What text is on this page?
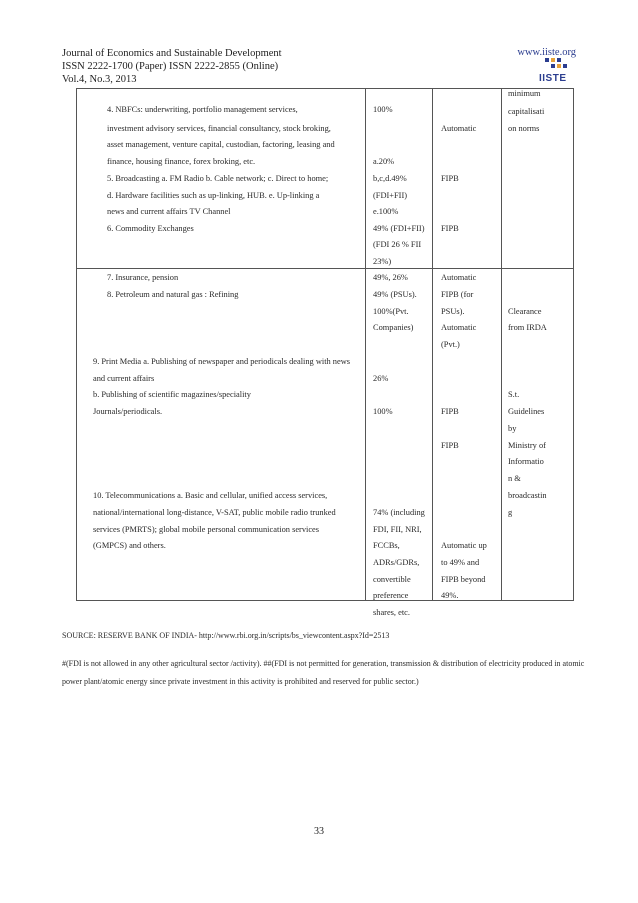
Journal of Economics and Sustainable Development
ISSN 2222-1700 (Paper) ISSN 2222-2855 (Online)
Vol.4, No.3, 2013
www.iiste.org
IISTE
4. NBFCs: underwriting, portfolio management services,
investment advisory services, financial consultancy, stock broking,
asset management, venture capital, custodian, factoring, leasing and
finance, housing finance, forex broking, etc.
5. Broadcasting a. FM Radio b. Cable network; c. Direct to home;
d. Hardware facilities such as up-linking, HUB. e. Up-linking a
news and current affairs TV Channel
6. Commodity Exchanges
7. Insurance, pension
8. Petroleum and natural gas : Refining
9. Print Media a. Publishing of newspaper and periodicals dealing with news
and current affairs
b. Publishing of scientific magazines/speciality
Journals/periodicals.
10. Telecommunications a. Basic and cellular, unified access services,
national/international long-distance, V-SAT, public mobile radio trunked
services (PMRTS); global mobile personal communication services
(GMPCS) and others.
100%
a.20%
b,c,d.49%
(FDI+FII)
e.100%
49% (FDI+FII)
(FDI 26 % FII
23%)
49%, 26%
49% (PSUs).
100%(Pvt.
Companies)
26%
100%
74% (including
FDI, FII, NRI,
FCCBs,
ADRs/GDRs,
convertible
preference
shares, etc.
Automatic
FIPB
FIPB
Automatic
FIPB (for
PSUs).
Automatic
(Pvt.)
FIPB
FIPB
Automatic up
to 49% and
FIPB beyond
49%.
minimum
capitalisati
on norms
Clearance
from IRDA
S.t.
Guidelines
by
Ministry of
Informatio
n &
broadcastin
g
SOURCE: RESERVE BANK OF INDIA- http://www.rbi.org.in/scripts/bs_viewcontent.aspx?Id=2513
#(FDI is not allowed in any other agricultural sector /activity). ##(FDI is not permitted for generation, transmission & distribution of electricity produced in atomic
power plant/atomic energy since private investment in this activity is prohibited and reserved for public sector.)
33
